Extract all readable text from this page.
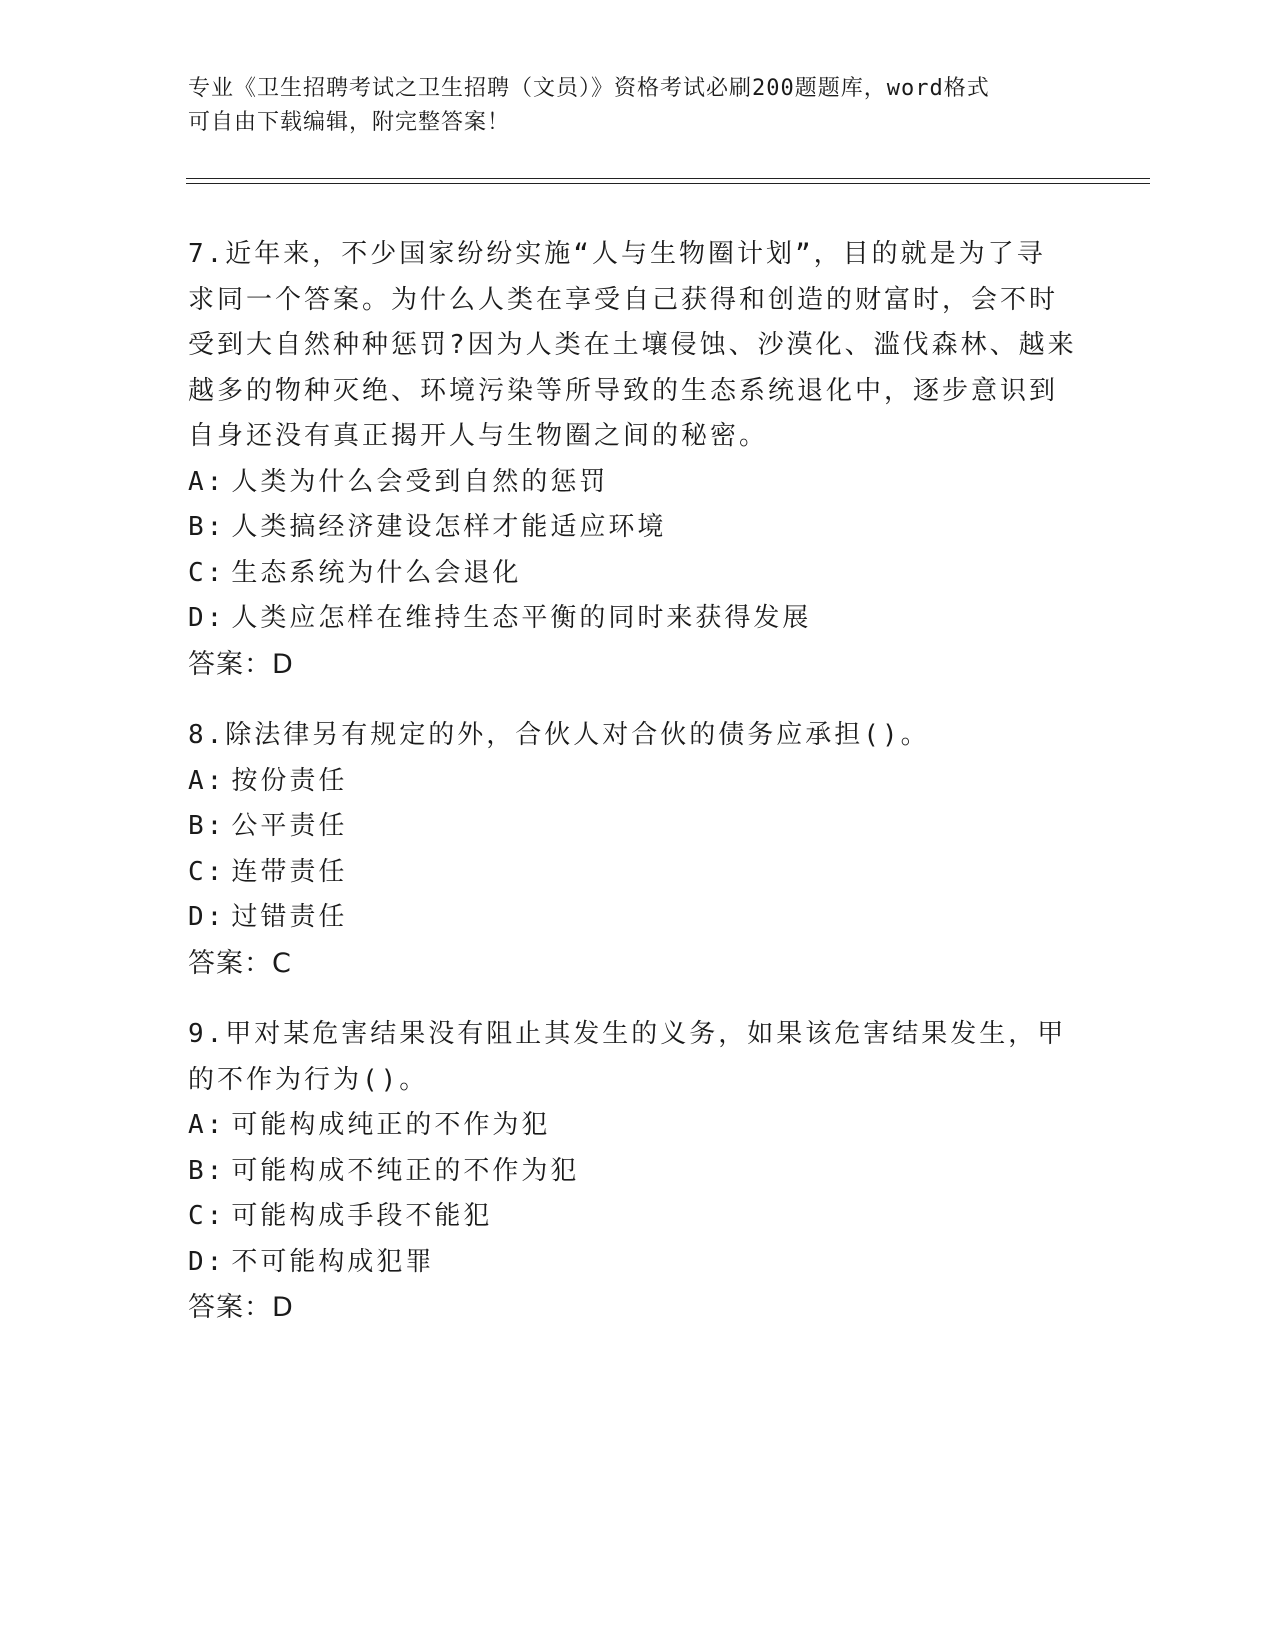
专业《卫生招聘考试之卫生招聘（文员）》资格考试必刷200题题库，word格式
可自由下载编辑，附完整答案！
7.近年来，不少国家纷纷实施“人与生物圈计划”，目的就是为了寻
求同一个答案。为什么人类在享受自己获得和创造的财富时，会不时
受到大自然种种惩罚?因为人类在土壤侵蚀、沙漠化、滥伐森林、越来
越多的物种灭绝、环境污染等所导致的生态系统退化中，逐步意识到
自身还没有真正揭开人与生物圈之间的秘密。
A: 人类为什么会受到自然的惩罚
B: 人类搞经济建设怎样才能适应环境
C: 生态系统为什么会退化
D: 人类应怎样在维持生态平衡的同时来获得发展
答案：D
8.除法律另有规定的外，合伙人对合伙的债务应承担()。
A: 按份责任
B: 公平责任
C: 连带责任
D: 过错责任
答案：C
9.甲对某危害结果没有阻止其发生的义务，如果该危害结果发生，甲
的不作为行为()。
A: 可能构成纯正的不作为犯
B: 可能构成不纯正的不作为犯
C: 可能构成手段不能犯
D: 不可能构成犯罪
答案：D
